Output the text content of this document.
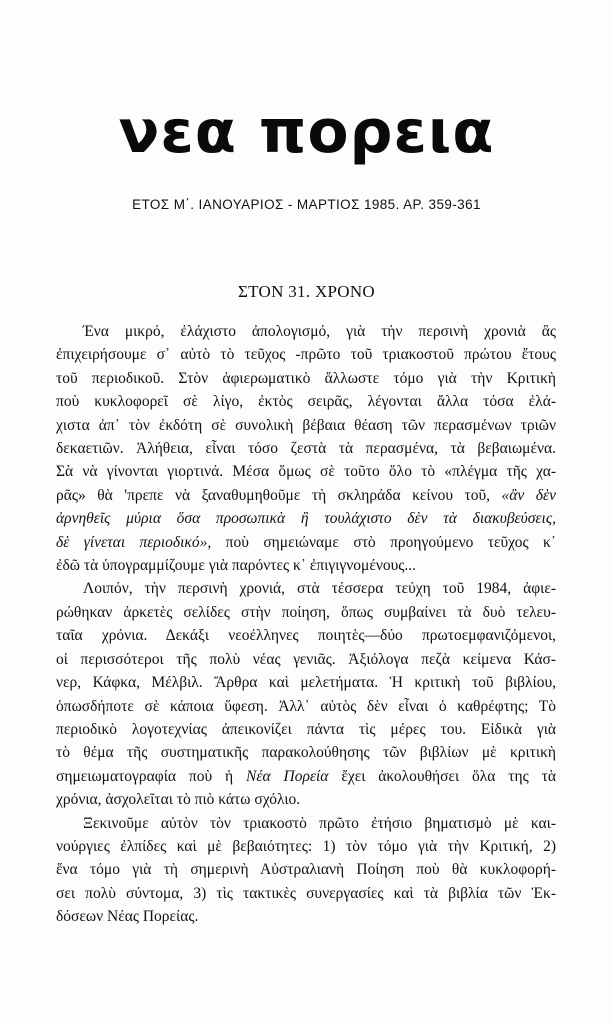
νεα πορεια
ΕΤΟΣ Μ΄. ΙΑΝΟΥΑΡΙΟΣ - ΜΑΡΤΙΟΣ 1985. ΑΡ. 359-361
ΣΤΟΝ 31. ΧΡΟΝΟ
Ένα μικρό, ἐλάχιστο ἀπολογισμό, γιὰ τὴν περσινὴ χρονιὰ ἂς
ἐπιχειρήσουμε σ᾽ αὐτὸ τὸ τεῦχος -πρῶτο τοῦ τριακοστοῦ πρώτου ἔτους
τοῦ περιοδικοῦ. Στὸν ἀφιερωματικὸ ἄλλωστε τόμο γιὰ τὴν Κριτικὴ
ποὺ κυκλοφορεῖ σὲ λίγο, ἐκτὸς σειρᾶς, λέγονται ἄλλα τόσα ἐλά-
χιστα ἀπ᾽ τὸν ἐκδότη σὲ συνολικὴ βέβαια θέαση τῶν περασμένων τριῶν
δεκαετιῶν. Ἀλήθεια, εἶναι τόσο ζεστὰ τὰ περασμένα, τὰ βεβαιωμένα.
Σὰ νὰ γίνονται γιορτινά. Μέσα ὅμως σὲ τοῦτο ὅλο τὸ «πλέγμα τῆς χα-
ρᾶς» θὰ 'πρεπε νὰ ξαναθυμηθοῦμε τὴ σκληράδα κείνου τοῦ, «ἂν δὲν
ἀρνηθεῖς μύρια ὅσα προσωπικὰ ἢ τουλάχιστο δὲν τὰ διακυβεύσεις,
δὲ γίνεται περιοδικό», ποὺ σημειώναμε στὸ προηγούμενο τεῦχος κ᾽
ἐδῶ τὰ ὑπογραμμίζουμε γιὰ παρόντες κ᾽ ἐπιγιγνομένους...
Λοιπόν, τὴν περσινὴ χρονιά, στὰ τέσσερα τεύχη τοῦ 1984, ἀφιε-
ρώθηκαν ἀρκετὲς σελίδες στὴν ποίηση, ὅπως συμβαίνει τὰ δυὸ τελευ-
ταῖα χρόνια. Δεκάξι νεοέλληνες ποιητὲς—δύο πρωτοεμφανιζόμενοι,
οἱ περισσότεροι τῆς πολὺ νέας γενιᾶς. Ἀξιόλογα πεζὰ κείμενα Κάσ-
νερ, Κάφκα, Μέλβιλ. Ἄρθρα καὶ μελετήματα. Ἡ κριτικὴ τοῦ βιβλίου,
ὁπωσδήποτε σὲ κάποια ὕφεση. Ἀλλ᾽ αὐτὸς δὲν εἶναι ὁ καθρέφτης; Τὸ
περιοδικὸ λογοτεχνίας ἀπεικονίζει πάντα τὶς μέρες του. Εἰδικὰ γιὰ
τὸ θέμα τῆς συστηματικῆς παρακολούθησης τῶν βιβλίων μὲ κριτικὴ
σημειωματογραφία ποὺ ἡ Νέα Πορεία ἔχει ἀκολουθήσει ὅλα της τὰ
χρόνια, ἀσχολεῖται τὸ πιὸ κάτω σχόλιο.
Ξεκινοῦμε αὐτὸν τὸν τριακοστὸ πρῶτο ἐτήσιο βηματισμὸ μὲ και-
νούργιες ἐλπίδες καὶ μὲ βεβαιότητες: 1) τὸν τόμο γιὰ τὴν Κριτική, 2)
ἕνα τόμο γιὰ τὴ σημερινὴ Αὐστραλιανὴ Ποίηση ποὺ θὰ κυκλοφορή-
σει πολὺ σύντομα, 3) τὶς τακτικὲς συνεργασίες καὶ τὰ βιβλία τῶν Ἐκ-
δόσεων Νέας Πορείας.
